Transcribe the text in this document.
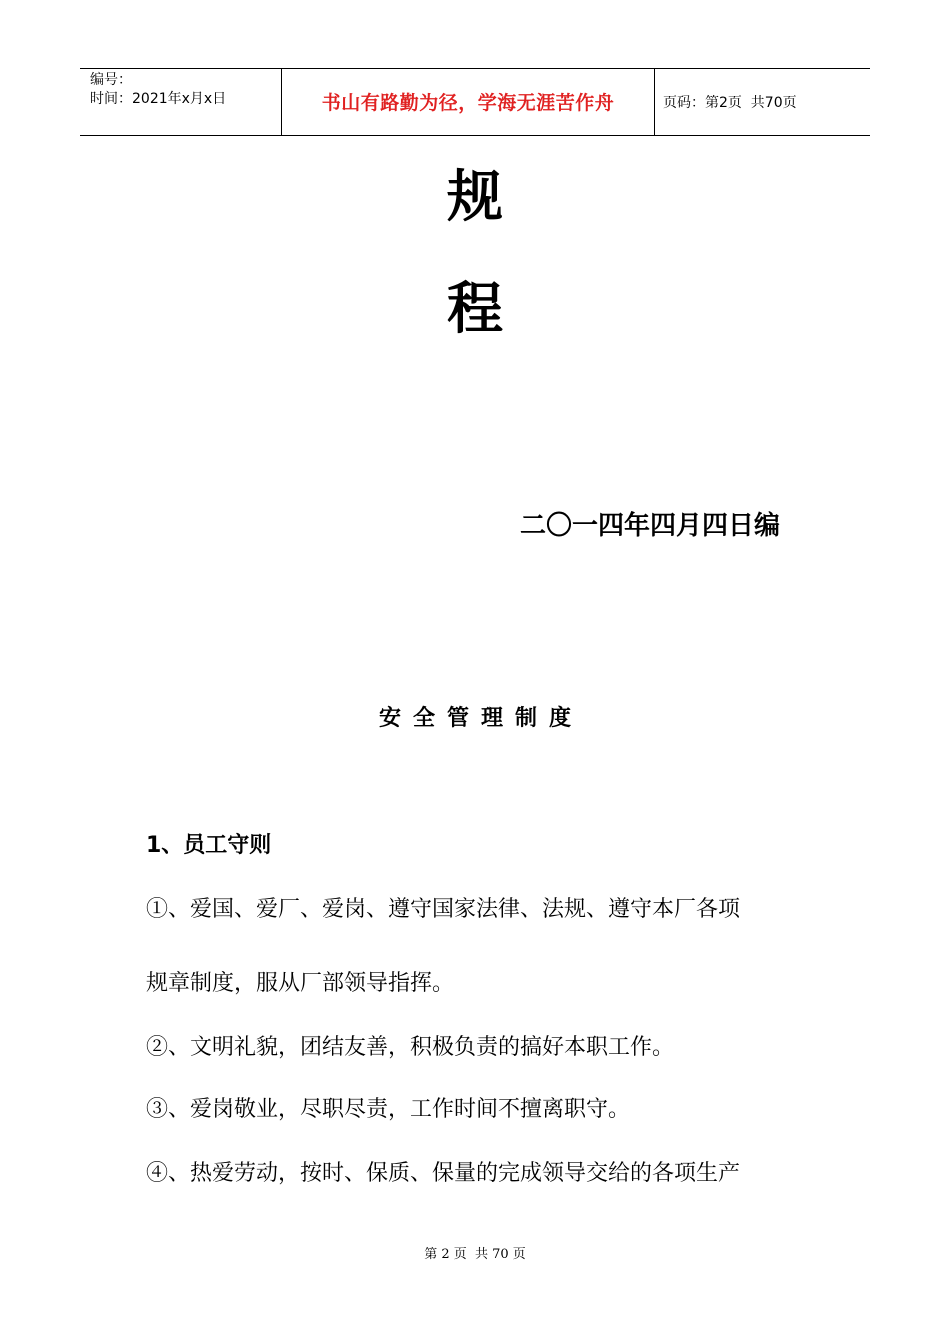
编号：
时间：2021年x月x日	书山有路勤为径，学海无涯苦作舟	页码：第2页  共70页
规
程
二〇一四年四月四日编
安全管理制度
1、员工守则
①、爱国、爱厂、爱岗、遵守国家法律、法规、遵守本厂各项
规章制度，服从厂部领导指挥。
②、文明礼貌，团结友善，积极负责的搞好本职工作。
③、爱岗敬业，尽职尽责，工作时间不擅离职守。
④、热爱劳动，按时、保质、保量的完成领导交给的各项生产
第 2 页  共 70 页
